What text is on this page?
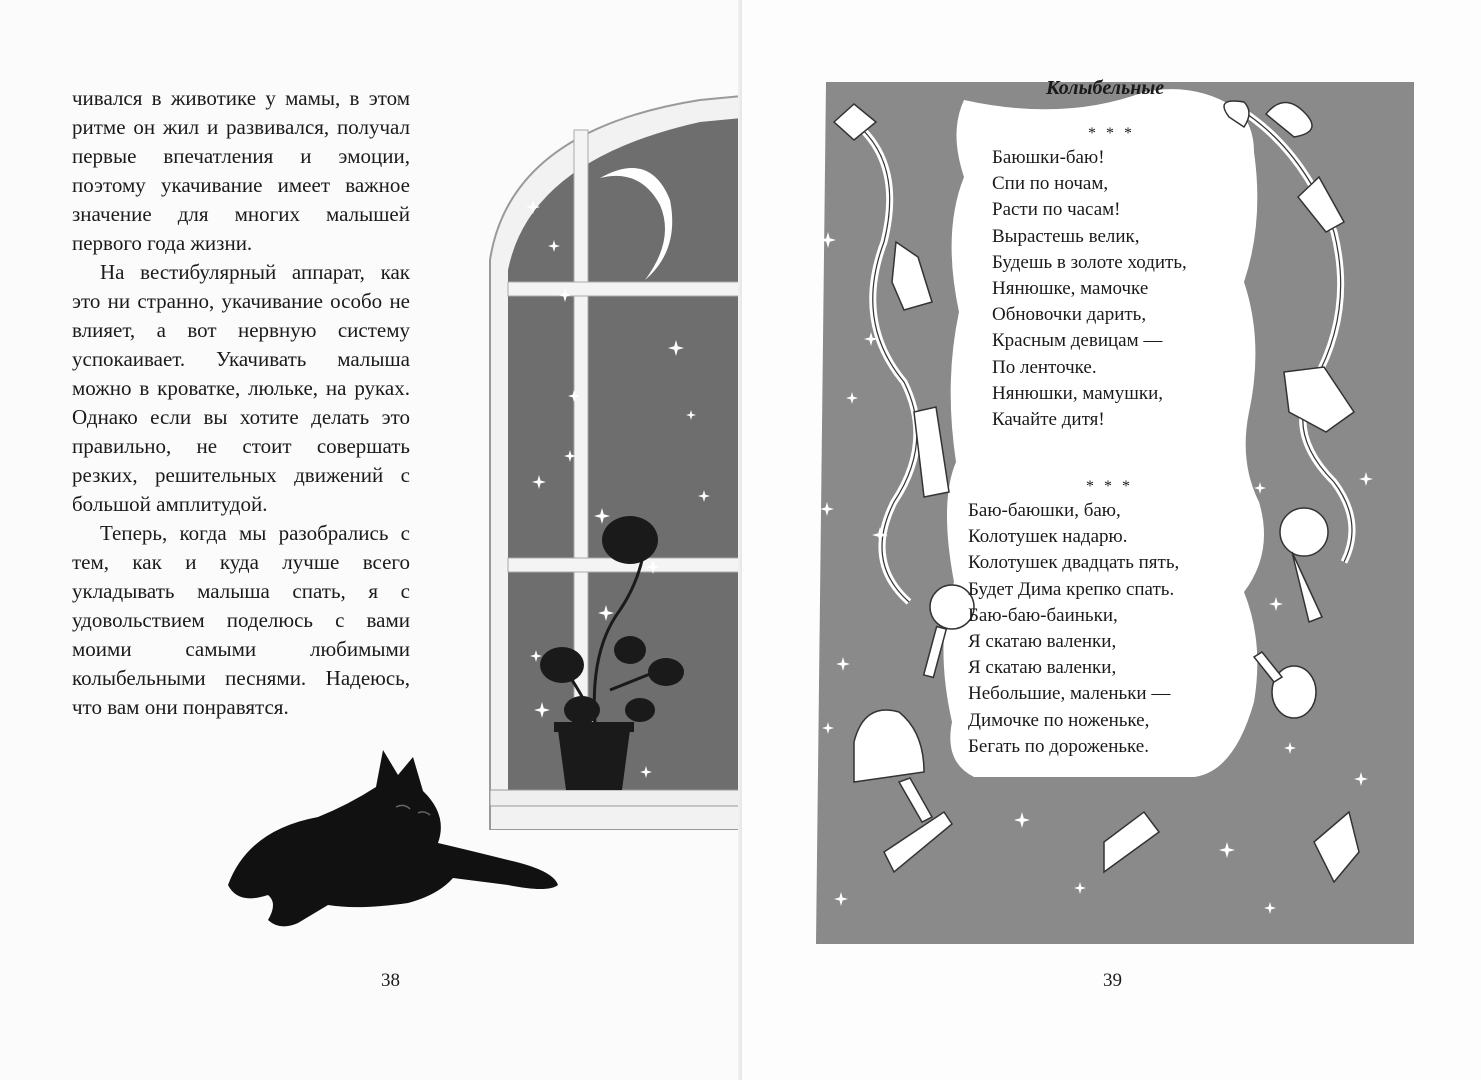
чивался в животике у мамы, в этом ритме он жил и развивался, получал первые впечатления и эмоции, поэтому укачивание имеет важное значение для многих малышей первого года жизни.

На вестибулярный аппарат, как это ни странно, укачивание особо не влияет, а вот нервную систему успокаивает. Укачивать малыша можно в кроватке, люльке, на руках. Однако если вы хотите делать это правильно, не стоит совершать резких, решительных движений с большой амплитудой.

Теперь, когда мы разобрались с тем, как и куда лучше всего укладывать малыша спать, я с удовольствием поделюсь с вами моими самыми любимыми колыбельными песнями. Надеюсь, что вам они понравятся.

38
Колыбельные
* * *
Баюшки-баю!
Спи по ночам,
Расти по часам!
Вырастешь велик,
Будешь в золоте ходить,
Нянюшке, мамочке
Обновочки дарить,
Красным девицам —
По ленточке.
Нянюшки, мамушки,
Качайте дитя!
* * *
Баю-баюшки, баю,
Колотушек надарю.
Колотушек двадцать пять,
Будет Дима крепко спать.
Баю-баю-баиньки,
Я скатаю валенки,
Я скатаю валенки,
Небольшие, маленьки —
Димочке по ноженьке,
Бегать по дороженьке.
39
